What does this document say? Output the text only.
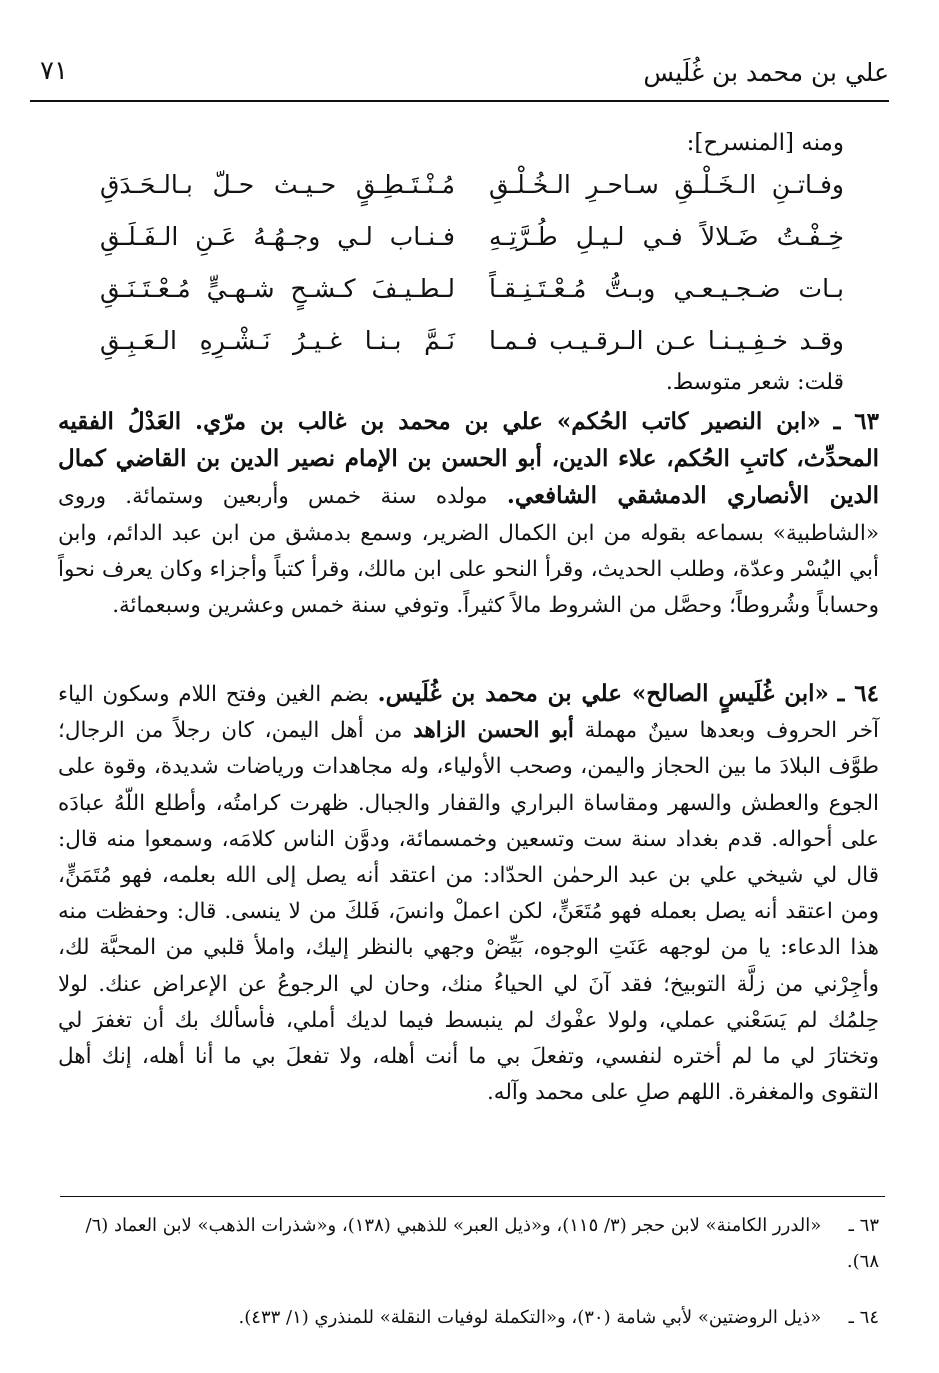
علي بن محمد بن غُلَيس
٧١
ومنه [المنسرح]:
وفـاتـنِ الـخَـلْـقِ سـاحـرِ الـخُـلْـقِ
مُـنْـتَـطِـقٍ حـيـث حـلّ بـالـحَـدَقِ
خِـفْـتُ ضَـلالاً فـي لـيـلِ طُـرَّتِـهِ
فـنـاب لـي وجـهُـهُ عَـنِ الـفَـلَـقِ
بـات ضـجـيـعـي وبـتُّ مُـعْـتَـنِـقـاً
لـطـيـفَ كـشـحٍ شـهـيٍّ مُـعْـتَـنَـقِ
وقـد خـفِـيـنـا عـن الـرقـيـب فـمـا
نَـمَّ بـنـا غـيـرُ نَـشْـرِهِ الـعَـبِـقِ
قلت: شعر متوسط.
٦٣ ـ «ابن النصير كاتب الحُكم» علي بن محمد بن غالب بن مرّي. العَدْلُ الفقيه المحدِّث، كاتبِ الحُكم، علاء الدين، أبو الحسن بن الإمام نصير الدين بن القاضي كمال الدين الأنصاري الدمشقي الشافعي. مولده سنة خمس وأربعين وستمائة. وروى «الشاطبية» بسماعه بقوله من ابن الكمال الضرير، وسمع بدمشق من ابن عبد الدائم، وابن أبي اليُسْر وعدّة، وطلب الحديث، وقرأ النحو على ابن مالك، وقرأ كتباً وأجزاء وكان يعرف نحواً وحساباً وشُروطاً؛ وحصَّل من الشروط مالاً كثيراً. وتوفي سنة خمس وعشرين وسبعمائة.
٦٤ ـ «ابن غُلَيسٍ الصالح» علي بن محمد بن غُلَيس. بضم الغين وفتح اللام وسكون الياء آخر الحروف وبعدها سينٌ مهملة أبو الحسن الزاهد من أهل اليمن، كان رجلاً من الرجال؛ طوَّف البلادَ ما بين الحجاز واليمن، وصحب الأولياء، وله مجاهدات ورياضات شديدة، وقوة على الجوع والعطش والسهر ومقاساة البراري والقفار والجبال. ظهرت كرامتُه، وأطلع اللّهُ عبادَه على أحواله. قدم بغداد سنة ست وتسعين وخمسمائة، ودوَّن الناس كلامَه، وسمعوا منه قال: قال لي شيخي علي بن عبد الرحمٰن الحدّاد: من اعتقد أنه يصل إلى الله بعلمه، فهو مُتَمَنٍّ، ومن اعتقد أنه يصل بعمله فهو مُتَعَنٍّ، لكن اعملْ وانسَ، فَلكَ من لا ينسى. قال: وحفظت منه هذا الدعاء: يا من لوجهه عَنَتِ الوجوه، بَيِّضْ وجهي بالنظر إليك، واملأ قلبي من المحبَّة لك، وأجِرْني من زلَّة التوبيخ؛ فقد آنَ لي الحياءُ منك، وحان لي الرجوعُ عن الإعراض عنك. لولا حِلمُك لم يَسَعْني عملي، ولولا عفْوك لم ينبسط فيما لديك أملي، فأسألك بك أن تغفرَ لي وتختارَ لي ما لم أختره لنفسي، وتفعلَ بي ما أنت أهله، ولا تفعلَ بي ما أنا أهله، إنك أهل التقوى والمغفرة. اللهم صلِ على محمد وآله.
٦٣ ـ «الدرر الكامنة» لابن حجر (٣/ ١١٥)، و«ذيل العبر» للذهبي (١٣٨)، و«شذرات الذهب» لابن العماد (٦/ ٦٨).
٦٤ ـ «ذيل الروضتين» لأبي شامة (٣٠)، و«التكملة لوفيات النقلة» للمنذري (١/ ٤٣٣).
